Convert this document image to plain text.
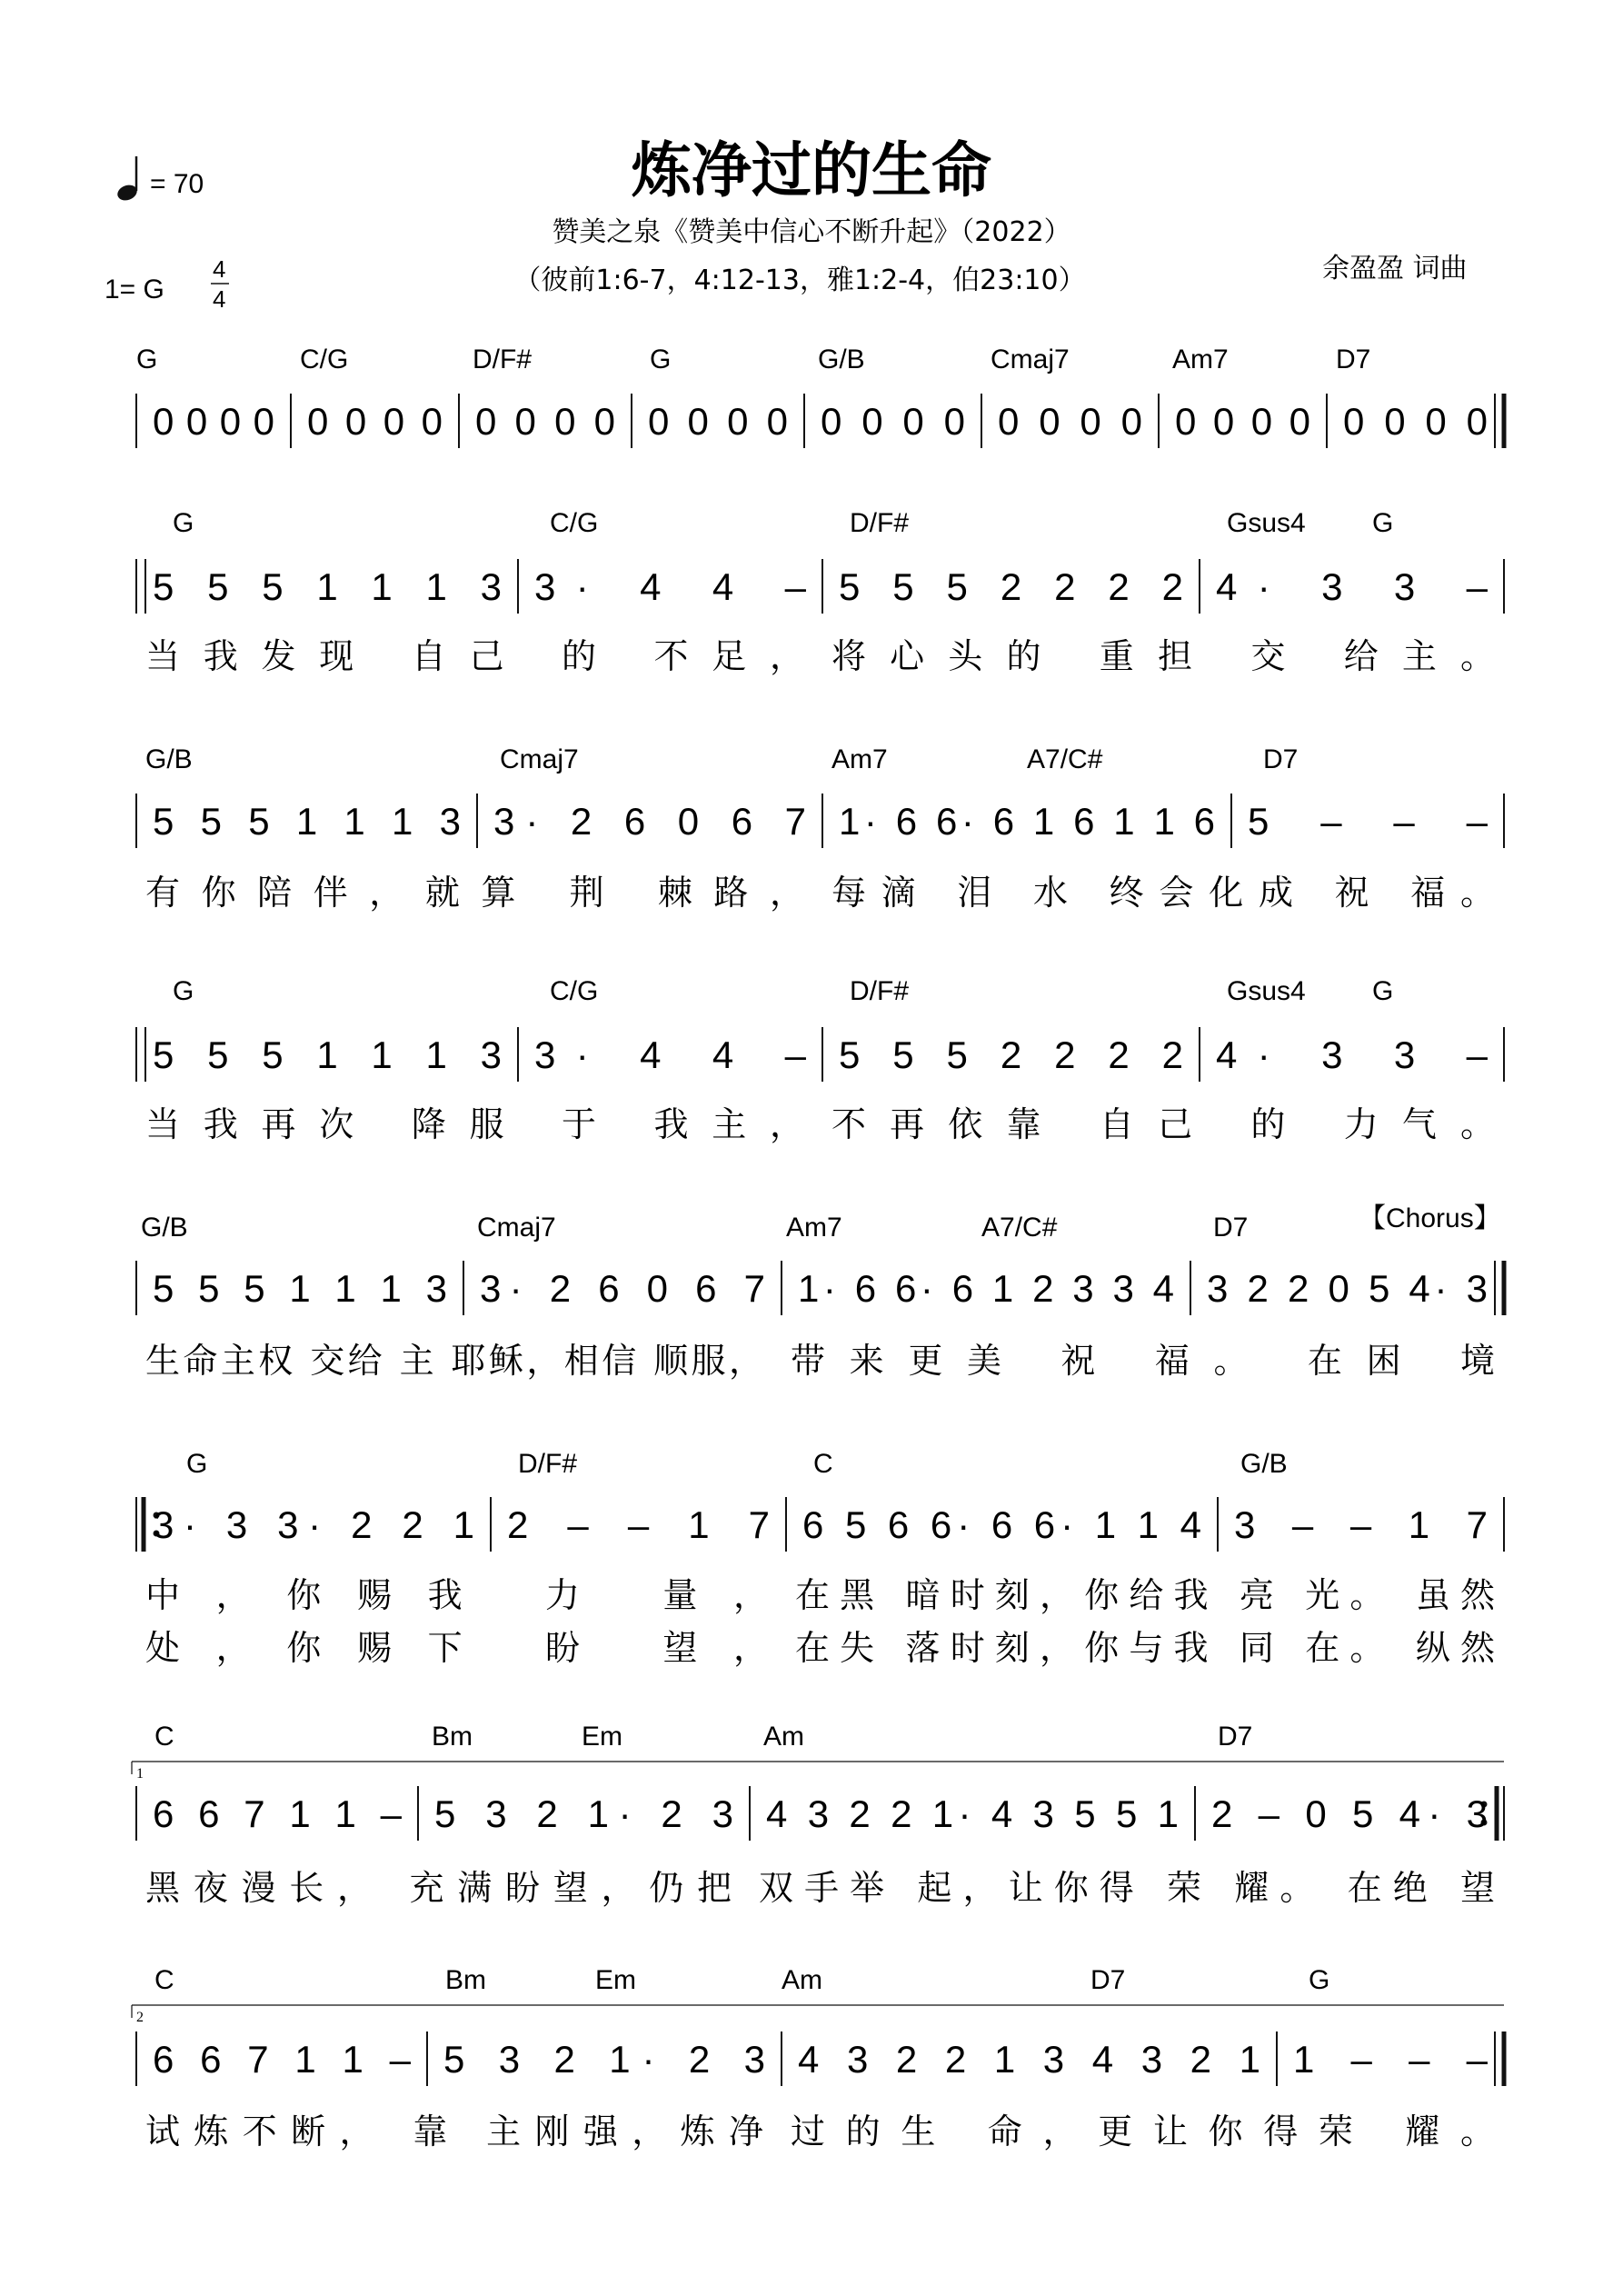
= 70	炼净过的生命
赞美之泉《赞美中信心不断升起》（2022）
（彼前1:6-7，4:12-13，雅1:2-4，伯23:10）	余盈盈 词曲
1= G
4
4
G	C/G	D/F#	G	G/B	Cmaj7	Am7	D7
0 0 0 0 0 0 0 0 0 0 0 0 0 0 0 0 0 0 0 0 0 0 0 0 0 0 0 0 0 0 0 0
G	C/G	D/F#	Gsus4 G
5 5 5 1 1 1 3 3· 4 4 – 5 5 5 2 2 2 2 4· 3 3 –
当我发现 自己 的 不足， 将心头的 重担 交 给主。
G/B	Cmaj7	Am7	A7/C#	D7
5 5 5 1 1 1 3 3· 2 6 0 6 7 1· 6 6· 6 1 6 1 1 6 5 – – –
有你陪伴，就算 荆 棘路， 每滴 泪 水 终会化成 祝 福。
G	C/G	D/F#	Gsus4 G
5 5 5 1 1 1 3 3· 4 4 – 5 5 5 2 2 2 2 4· 3 3 –
当我再次 降服 于 我主， 不再依靠 自己 的 力气。
G/B	Cmaj7	Am7	A7/C#	D7	【Chorus】
5 5 5 1 1 1 3 3· 2 6 0 6 7 1· 6 6· 6 1 2 3 3 4 3 2 2 0 5 4· 3
生命主权 交给 主 耶稣，相信 顺服， 带来更美 祝 福。 在困 境
G	D/F#	C	G/B
3· 3 3· 2 2 1 2 – – 1 7 6 5 6 6· 6 6· 1 1 4 3 – – 1 7
中，你赐我 力 量， 在黑 暗时刻，你给我 亮 光。 虽然
处，你赐下 盼 望， 在失 落时刻，你与我 同 在。 纵然
C	Bm	Em	Am	D7
1
6 6 7 1 1 – 5 3 2 1· 2 3 4 3 2 2 1· 4 3 5 5 1 2 – 0 5 4· 3
黑夜漫长， 充满盼望，仍把 双手举 起，让你得 荣 耀。 在绝 望
C	Bm	Em	Am	D7	G
2
6 6 7 1 1 – 5 3 2 1· 2 3 4 3 2 2 1 3 4 3 2 1 1 – – –
试炼不断， 靠 主刚强，炼净 过的生 命，更让你得荣 耀。
